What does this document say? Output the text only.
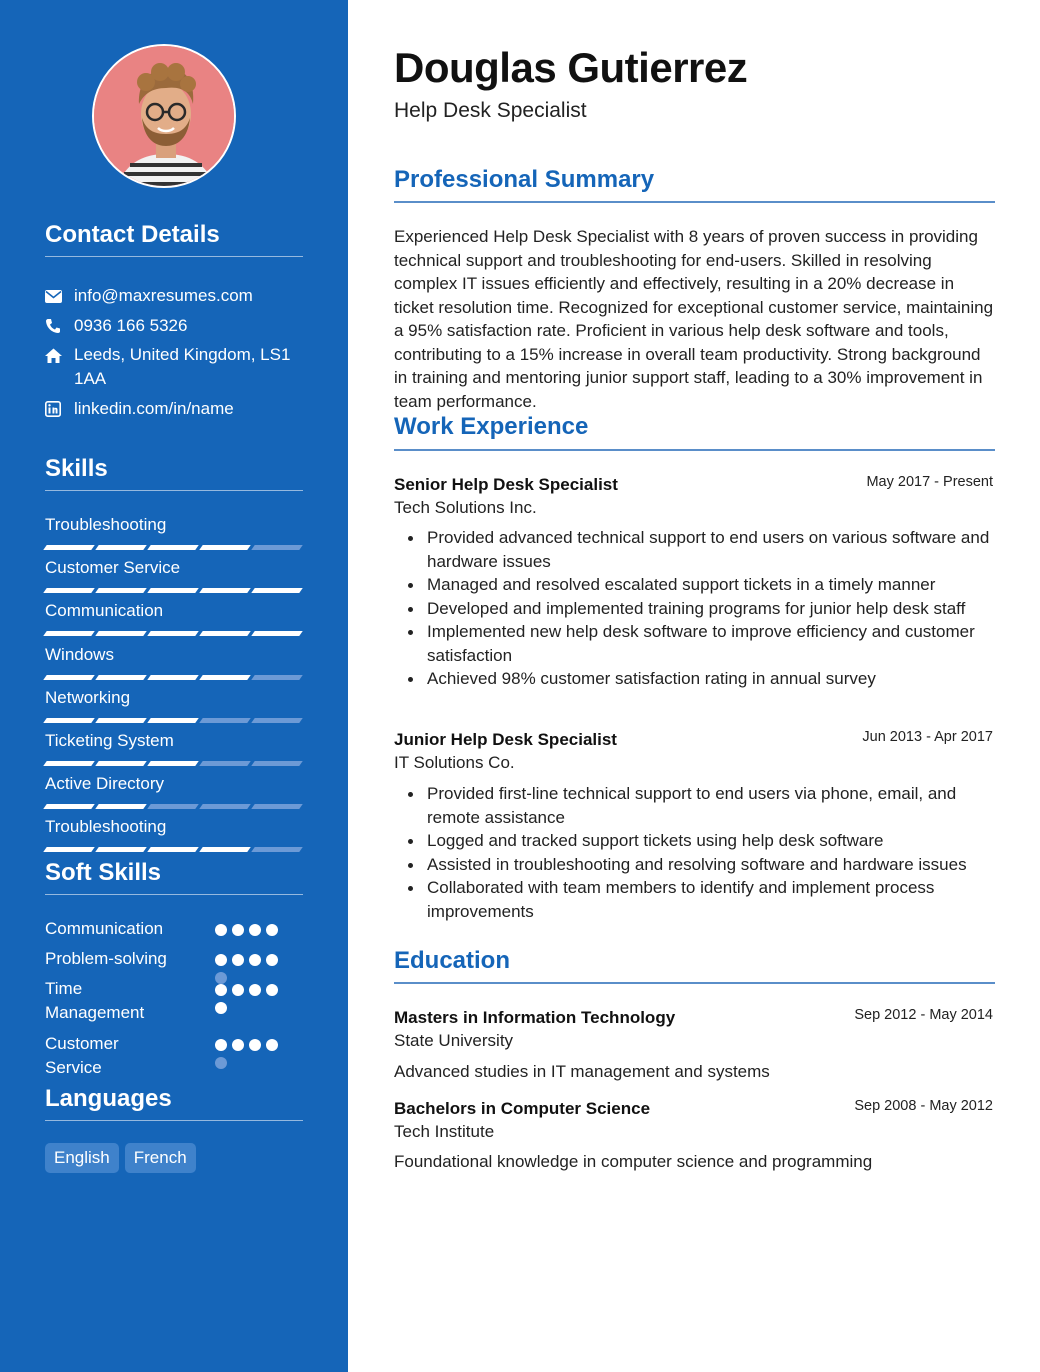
Contact Details
info@maxresumes.com
0936 166 5326
Leeds, United Kingdom, LS1 1AA
linkedin.com/in/name
Skills
Troubleshooting
Customer Service
Communication
Windows
Networking
Ticketing System
Active Directory
Troubleshooting
Soft Skills
Communication
Problem-solving
Time Management
Customer Service
Languages
English	French
Douglas Gutierrez
Help Desk Specialist
Professional Summary

Experienced Help Desk Specialist with 8 years of proven success in providing technical support and troubleshooting for end-users. Skilled in resolving complex IT issues efficiently and effectively, resulting in a 20% decrease in ticket resolution time. Recognized for exceptional customer service, maintaining a 95% satisfaction rate. Proficient in various help desk software and tools, contributing to a 15% increase in overall team productivity. Strong background in training and mentoring junior support staff, leading to a 30% improvement in team performance.

Work Experience
Senior Help Desk Specialist	May 2017 - Present
Tech Solutions Inc.
Provided advanced technical support to end users on various software and hardware issues
Managed and resolved escalated support tickets in a timely manner
Developed and implemented training programs for junior help desk staff
Implemented new help desk software to improve efficiency and customer satisfaction
Achieved 98% customer satisfaction rating in annual survey
Junior Help Desk Specialist	Jun 2013 - Apr 2017
IT Solutions Co.
Provided first-line technical support to end users via phone, email, and remote assistance
Logged and tracked support tickets using help desk software
Assisted in troubleshooting and resolving software and hardware issues
Collaborated with team members to identify and implement process improvements
Education
Masters in Information Technology	Sep 2012 - May 2014
State University
Advanced studies in IT management and systems
Bachelors in Computer Science	Sep 2008 - May 2012
Tech Institute
Foundational knowledge in computer science and programming
